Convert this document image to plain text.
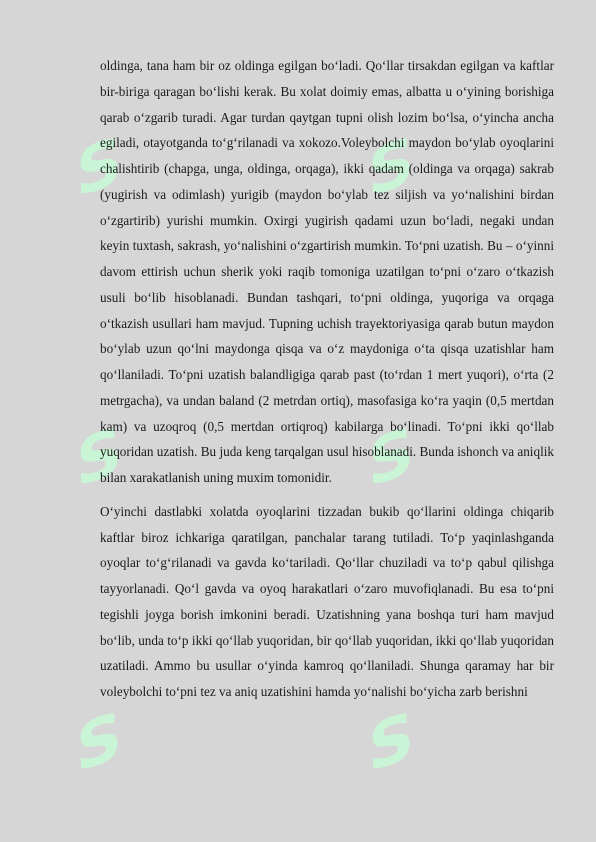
S	S
S	S
S	S

oldinga, tana ham bir oz oldinga egilgan bo‘ladi. Qo‘llar tirsakdan egilgan va kaftlar bir-biriga qaragan bo‘lishi kerak. Bu xolat doimiy emas, albatta u o‘yining borishiga qarab o‘zgarib turadi. Agar turdan qaytgan tupni olish lozim bo‘lsa, o‘yincha ancha egiladi, otayotganda to‘g‘rilanadi va xokozo.Voleybolchi maydon bo‘ylab oyoqlarini chalishtirib (chapga, unga, oldinga, orqaga), ikki qadam (oldinga va orqaga) sakrab (yugirish va odimlash) yurigib (maydon bo‘ylab tez siljish va yo‘nalishini birdan o‘zgartirib) yurishi mumkin. Oxirgi yugirish qadami uzun bo‘ladi, negaki undan keyin tuxtash, sakrash, yo‘nalishini o‘zgartirish mumkin. To‘pni uzatish. Bu – o‘yinni davom ettirish uchun sherik yoki raqib tomoniga uzatilgan to‘pni o‘zaro o‘tkazish usuli bo‘lib hisoblanadi. Bundan tashqari, to‘pni oldinga, yuqoriga va orqaga o‘tkazish usullari ham mavjud. Tupning uchish trayektoriyasiga qarab butun maydon bo‘ylab uzun qo‘lni maydonga qisqa va o‘z maydoniga o‘ta qisqa uzatishlar ham qo‘llaniladi. To‘pni uzatish balandligiga qarab past (to‘rdan 1 mert yuqori), o‘rta (2 metrgacha), va undan baland (2 metrdan ortiq), masofasiga ko‘ra yaqin (0,5 mertdan kam) va uzoqroq (0,5 mertdan ortiqroq) kabilarga bo‘linadi. To‘pni ikki qo‘llab yuqoridan uzatish. Bu juda keng tarqalgan usul hisoblanadi. Bunda ishonch va aniqlik bilan xarakatlanish uning muxim tomonidir.

O‘yinchi dastlabki xolatda oyoqlarini tizzadan bukib qo‘llarini oldinga chiqarib kaftlar biroz ichkariga qaratilgan, panchalar tarang tutiladi. To‘p yaqinlashganda oyoqlar to‘g‘rilanadi va gavda ko‘tariladi. Qo‘llar chuziladi va to‘p qabul qilishga tayyorlanadi. Qo‘l gavda va oyoq harakatlari o‘zaro muvofiqlanadi. Bu esa to‘pni tegishli joyga borish imkonini beradi. Uzatishning yana boshqa turi ham mavjud bo‘lib, unda to‘p ikki qo‘llab yuqoridan, bir qo‘llab yuqoridan, ikki qo‘llab yuqoridan uzatiladi. Ammo bu usullar o‘yinda kamroq qo‘llaniladi. Shunga qaramay har bir voleybolchi to‘pni tez va aniq uzatishini hamda yo‘nalishi bo‘yicha zarb berishni
